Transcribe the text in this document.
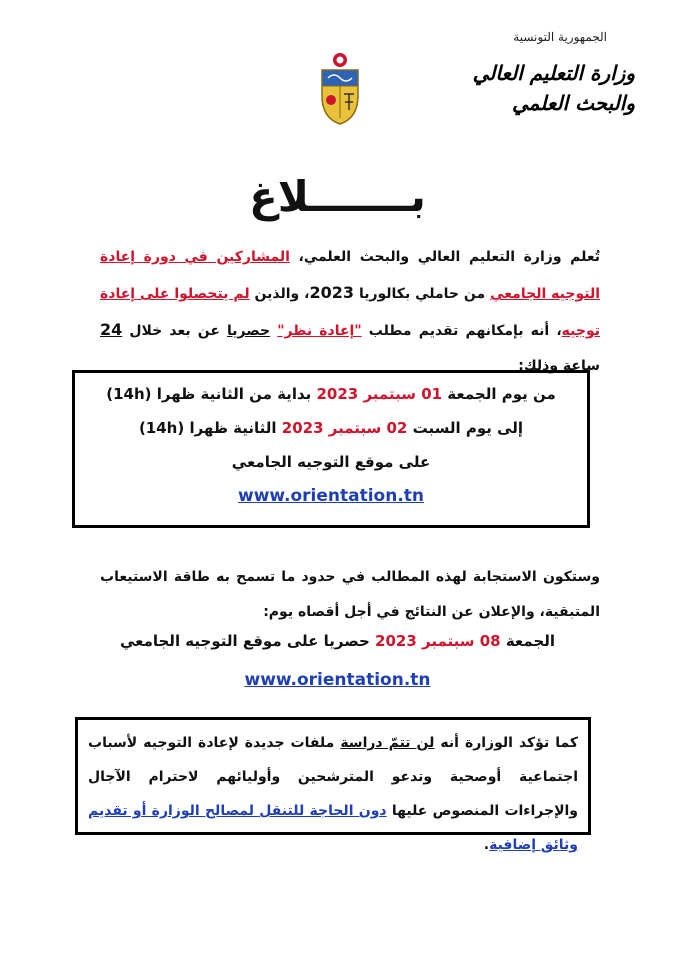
الجمهورية التونسية
وزارة التعليم العالي
والبحث العلمي
بـــــــلاغ
تُعلم وزارة التعليم العالي والبحث العلمي، المشاركين في دورة إعادة التوجيه الجامعي من حاملي بكالوريا 2023، والذين لم يتحصلوا على إعادة توجيه، أنه بإمكانهم تقديم مطلب "إعادة نظر" حصريا عن بعد خلال 24 ساعة وذلك:
من يوم الجمعة 01 سبتمبر 2023 بداية من الثانية ظهرا (14h)
إلى يوم السبت 02 سبتمبر 2023 الثانية ظهرا (14h)
على موقع التوجيه الجامعي
www.orientation.tn
وستكون الاستجابة لهذه المطالب في حدود ما تسمح به طاقة الاستيعاب المتبقية، والإعلان عن النتائج في أجل أقصاه يوم:
الجمعة 08 سبتمبر 2023 حصريا على موقع التوجيه الجامعي
www.orientation.tn
كما تؤكد الوزارة أنه لن تتمّ دراسة ملفات جديدة لإعادة التوجيه لأسباب اجتماعية أوصحية وتدعو المترشحين وأوليائهم لاحترام الآجال والإجراءات المنصوص عليها دون الحاجة للتنقل لمصالح الوزارة أو تقديم وثائق إضافية.
